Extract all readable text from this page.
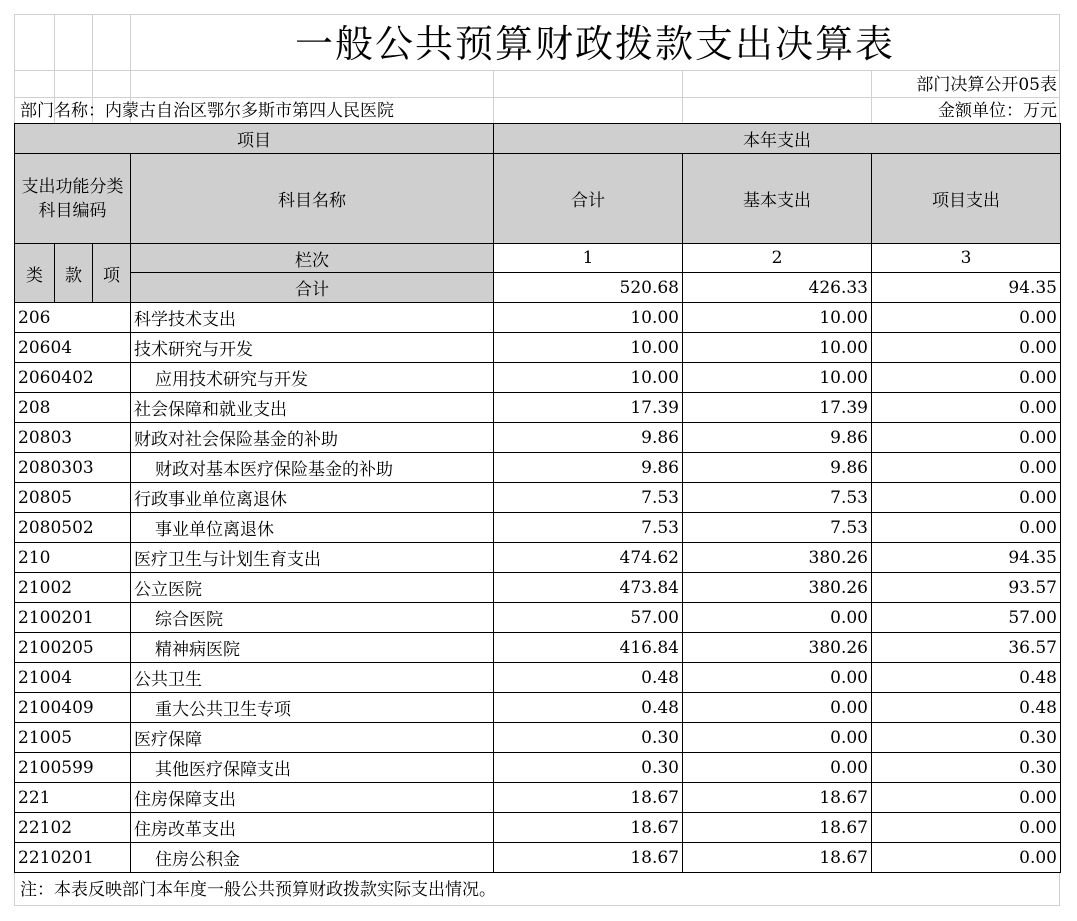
一般公共预算财政拨款支出决算表
部门决算公开05表
部门名称：内蒙古自治区鄂尔多斯市第四人民医院	金额单位：万元
项目				本年支出		
支出功能分类科目编码			科目名称	合计	基本支出	项目支出
类	款	项	栏次	1	2	3
			合计	520.68	426.33	94.35
206			科学技术支出	10.00	10.00	0.00
20604			技术研究与开发	10.00	10.00	0.00
2060402			应用技术研究与开发	10.00	10.00	0.00
208			社会保障和就业支出	17.39	17.39	0.00
20803			财政对社会保险基金的补助	9.86	9.86	0.00
2080303			财政对基本医疗保险基金的补助	9.86	9.86	0.00
20805			行政事业单位离退休	7.53	7.53	0.00
2080502			事业单位离退休	7.53	7.53	0.00
210			医疗卫生与计划生育支出	474.62	380.26	94.35
21002			公立医院	473.84	380.26	93.57
2100201			综合医院	57.00	0.00	57.00
2100205			精神病医院	416.84	380.26	36.57
21004			公共卫生	0.48	0.00	0.48
2100409			重大公共卫生专项	0.48	0.00	0.48
21005			医疗保障	0.30	0.00	0.30
2100599			其他医疗保障支出	0.30	0.00	0.30
221			住房保障支出	18.67	18.67	0.00
22102			住房改革支出	18.67	18.67	0.00
2210201			住房公积金	18.67	18.67	0.00
注：本表反映部门本年度一般公共预算财政拨款实际支出情况。
